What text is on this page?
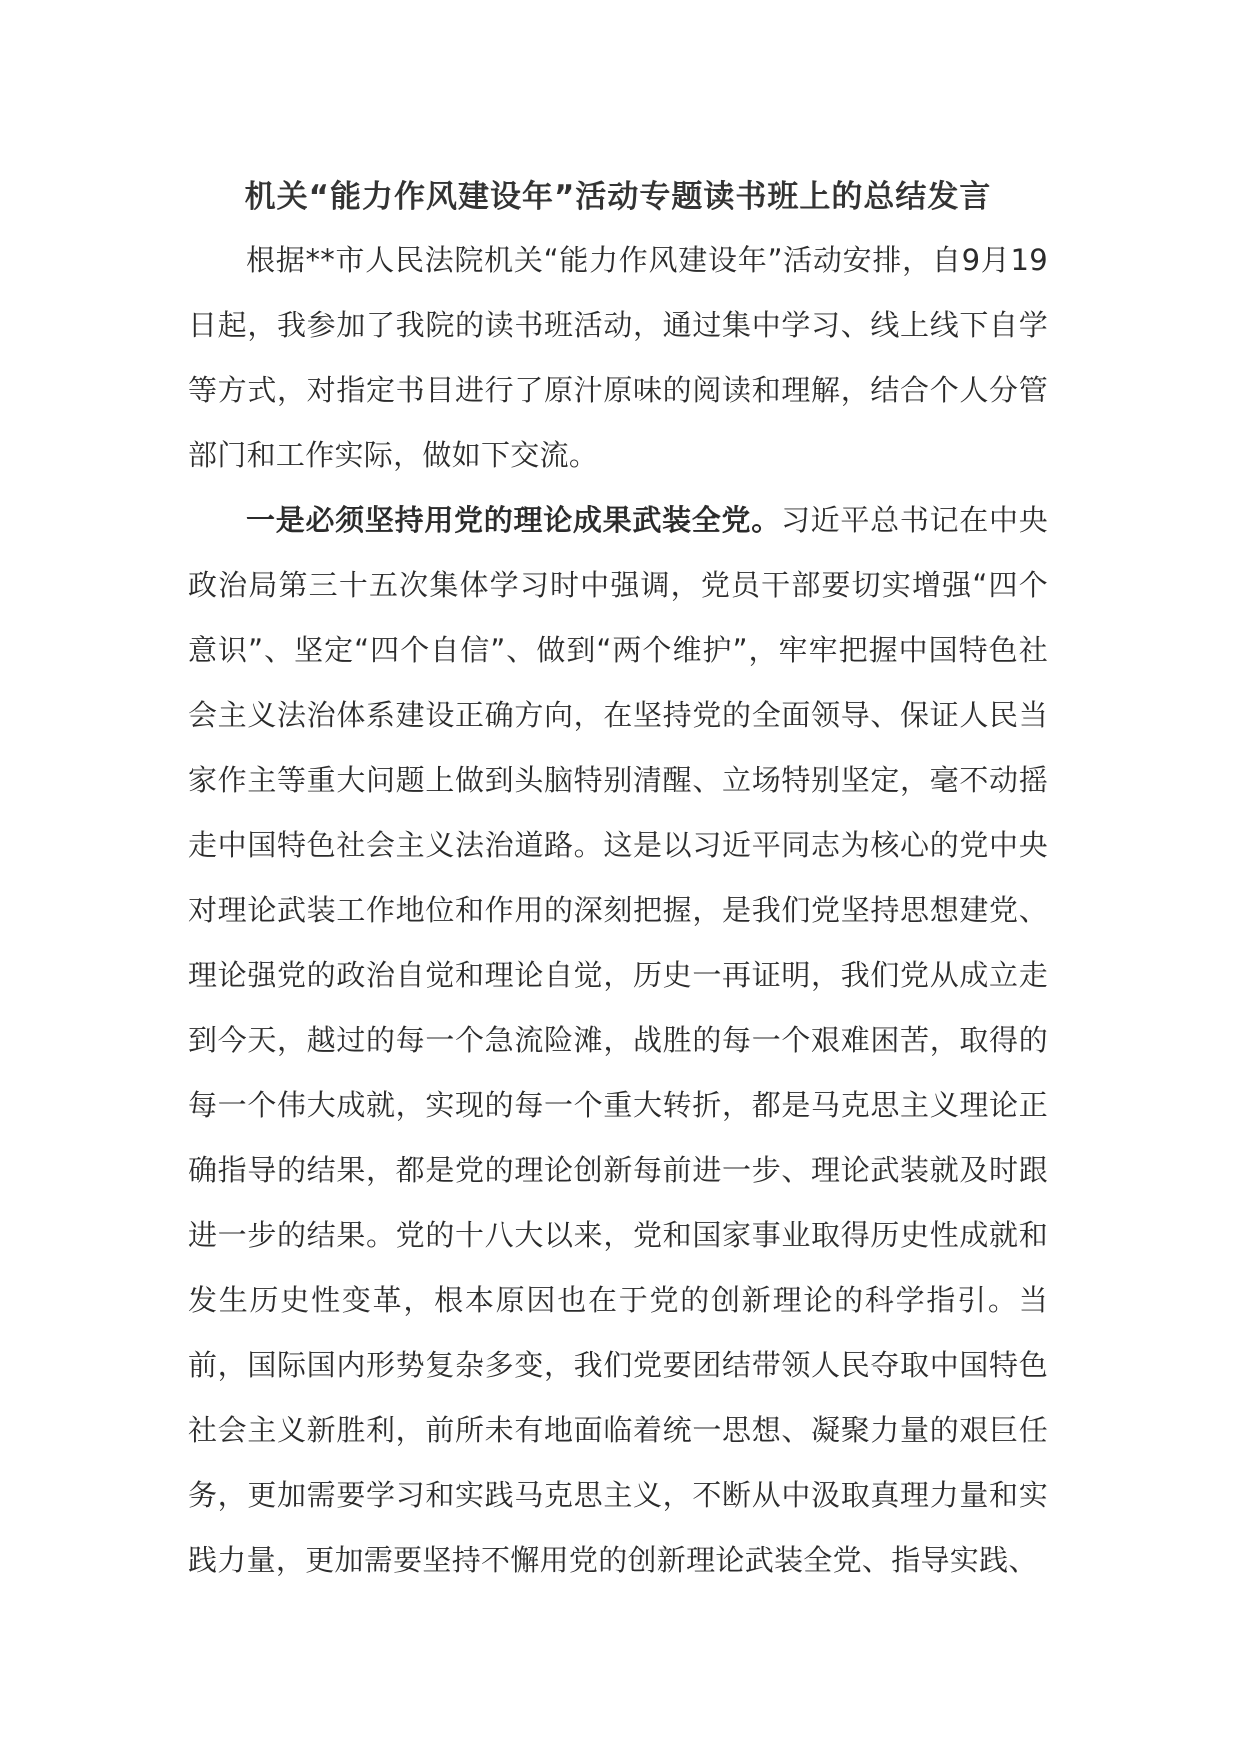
机关“能力作风建设年”活动专题读书班上的总结发言

根据**市人民法院机关“能力作风建设年”活动安排，自9月19日起，我参加了我院的读书班活动，通过集中学习、线上线下自学等方式，对指定书目进行了原汁原味的阅读和理解，结合个人分管部门和工作实际，做如下交流。

一是必须坚持用党的理论成果武装全党。习近平总书记在中央政治局第三十五次集体学习时中强调，党员干部要切实增强“四个意识”、坚定“四个自信”、做到“两个维护”，牢牢把握中国特色社会主义法治体系建设正确方向，在坚持党的全面领导、保证人民当家作主等重大问题上做到头脑特别清醒、立场特别坚定，毫不动摇走中国特色社会主义法治道路。这是以习近平同志为核心的党中央对理论武装工作地位和作用的深刻把握，是我们党坚持思想建党、理论强党的政治自觉和理论自觉，历史一再证明，我们党从成立走到今天，越过的每一个急流险滩，战胜的每一个艰难困苦，取得的每一个伟大成就，实现的每一个重大转折，都是马克思主义理论正确指导的结果，都是党的理论创新每前进一步、理论武装就及时跟进一步的结果。党的十八大以来，党和国家事业取得历史性成就和发生历史性变革，根本原因也在于党的创新理论的科学指引。当前，国际国内形势复杂多变，我们党要团结带领人民夺取中国特色社会主义新胜利，前所未有地面临着统一思想、凝聚力量的艰巨任务，更加需要学习和实践马克思主义，不断从中汲取真理力量和实践力量，更加需要坚持不懈用党的创新理论武装全党、指导实践、
